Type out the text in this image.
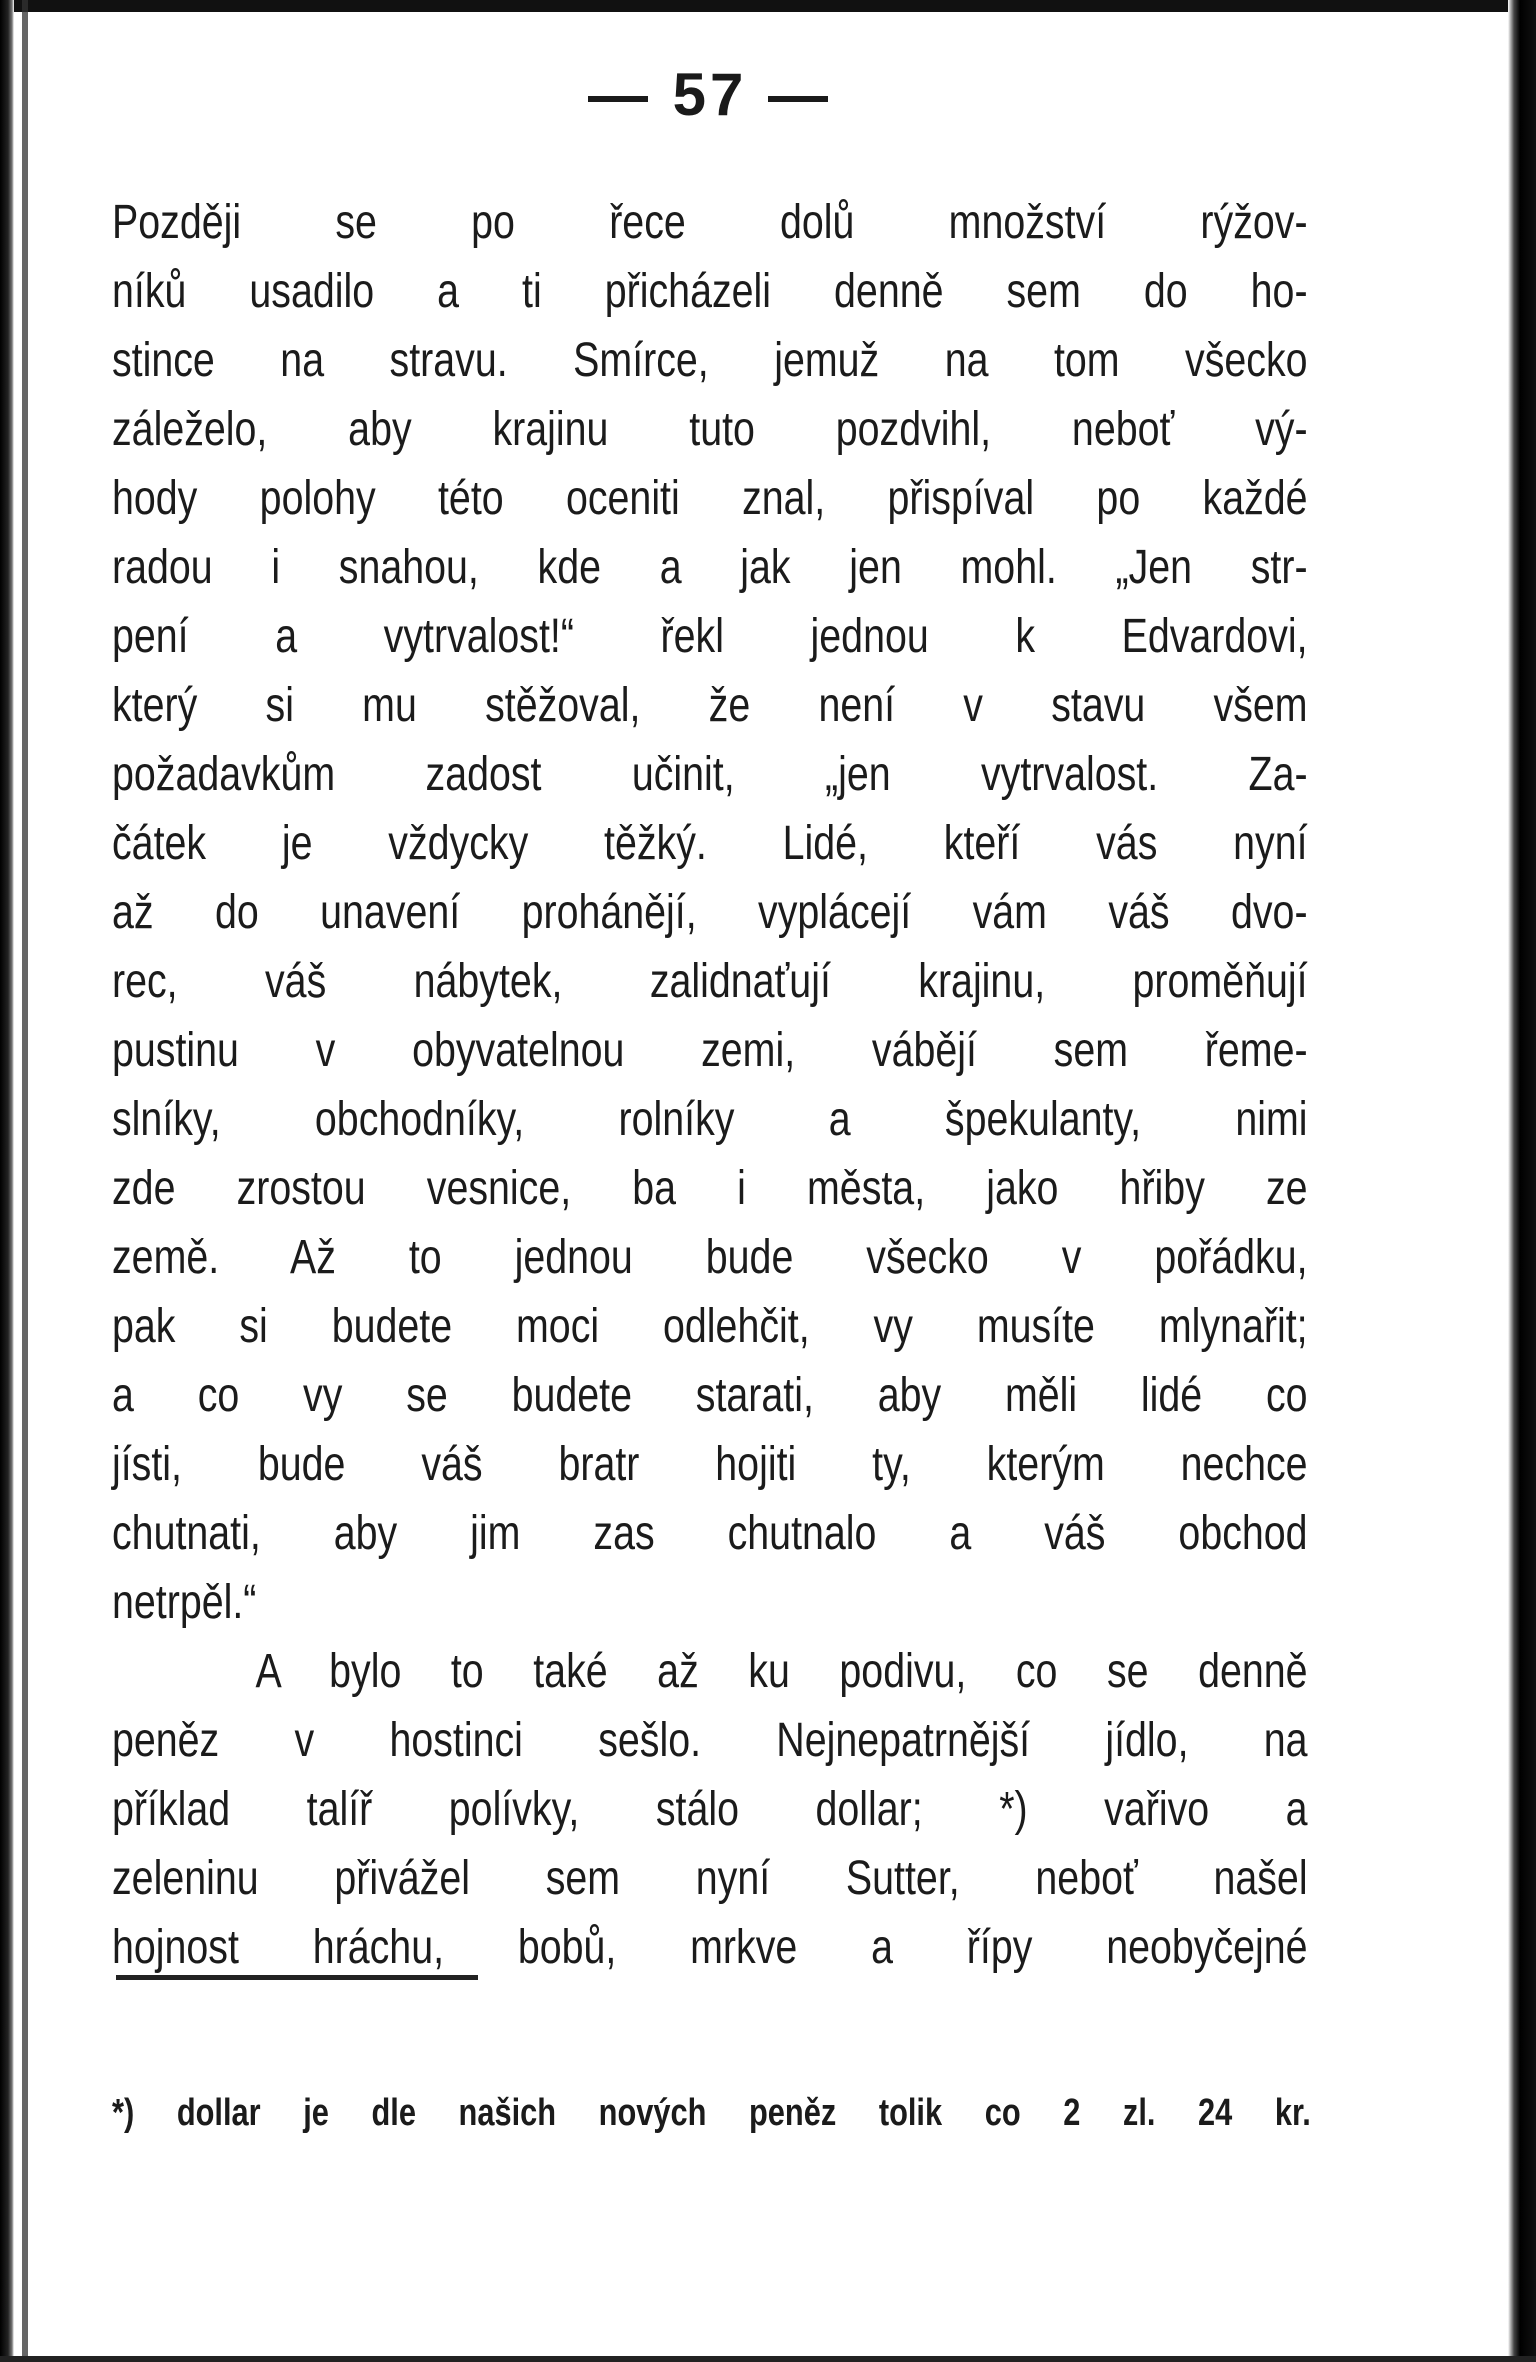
— 57 —
Později se po řece dolů množství rýžov-
níků usadilo a ti přicházeli denně sem do ho-
stince na stravu. Smírce, jemuž na tom všecko
záleželo, aby krajinu tuto pozdvihl, neboť vý-
hody polohy této oceniti znal, přispíval po každé
radou i snahou, kde a jak jen mohl. „Jen str-
pení a vytrvalost!“ řekl jednou k Edvardovi,
který si mu stěžoval, že není v stavu všem
požadavkům zadost učinit, „jen vytrvalost. Za-
čátek je vždycky těžký. Lidé, kteří vás nyní
až do unavení prohánějí, vyplácejí vám váš dvo-
rec, váš nábytek, zalidnaťují krajinu, proměňují
pustinu v obyvatelnou zemi, vábějí sem řeme-
slníky, obchodníky, rolníky a špekulanty, nimi
zde zrostou vesnice, ba i města, jako hřiby ze
země. Až to jednou bude všecko v pořádku,
pak si budete moci odlehčit, vy musíte mlynařit;
a co vy se budete starati, aby měli lidé co
jísti, bude váš bratr hojiti ty, kterým nechce
chutnati, aby jim zas chutnalo a váš obchod
netrpěl.“
A bylo to také až ku podivu, co se denně
peněz v hostinci sešlo. Nejnepatrnější jídlo, na
příklad talíř polívky, stálo dollar; *) vařivo a
zeleninu přivážel sem nyní Sutter, neboť našel
hojnost hráchu, bobů, mrkve a řípy neobyčejné
*) dollar je dle našich nových peněz tolik co 2 zl. 24 kr.
